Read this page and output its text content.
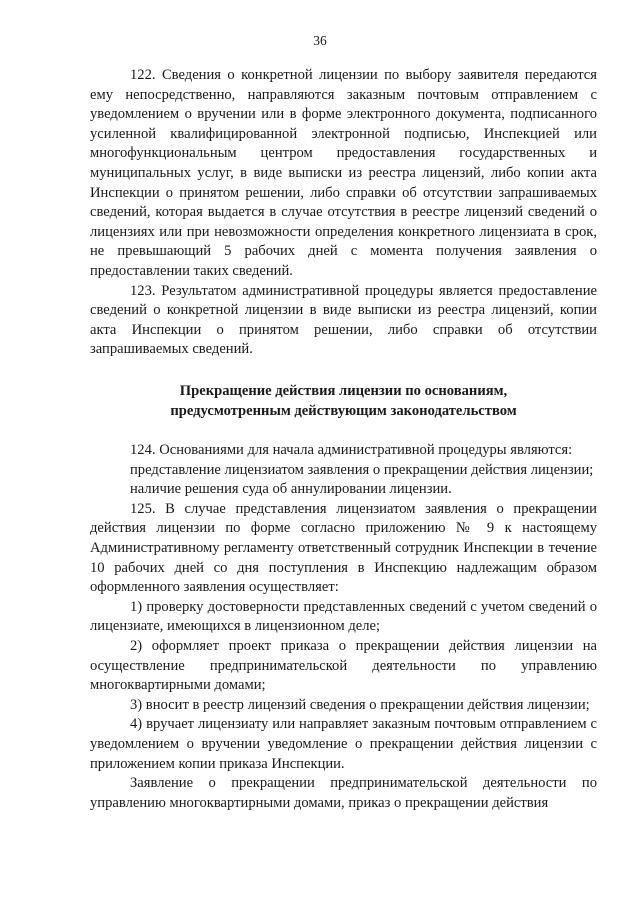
36

122. Сведения о конкретной лицензии по выбору заявителя передаются ему непосредственно, направляются заказным почтовым отправлением с уведомлением о вручении или в форме электронного документа, подписанного усиленной квалифицированной электронной подписью, Инспекцией или многофункциональным центром предоставления государственных и муниципальных услуг, в виде выписки из реестра лицензий, либо копии акта Инспекции о принятом решении, либо справки об отсутствии запрашиваемых сведений, которая выдается в случае отсутствия в реестре лицензий сведений о лицензиях или при невозможности определения конкретного лицензиата в срок, не превышающий 5 рабочих дней с момента получения заявления о предоставлении таких сведений.

123. Результатом административной процедуры является предоставление сведений о конкретной лицензии в виде выписки из реестра лицензий, копии акта Инспекции о принятом решении, либо справки об отсутствии запрашиваемых сведений.

Прекращение действия лицензии по основаниям,
предусмотренным действующим законодательством

124. Основаниями для начала административной процедуры являются:

представление лицензиатом заявления о прекращении действия лицензии;

наличие решения суда об аннулировании лицензии.

125. В случае представления лицензиатом заявления о прекращении действия лицензии по форме согласно приложению № 9 к настоящему Административному регламенту ответственный сотрудник Инспекции в течение 10 рабочих дней со дня поступления в Инспекцию надлежащим образом оформленного заявления осуществляет:

1) проверку достоверности представленных сведений с учетом сведений о лицензиате, имеющихся в лицензионном деле;

2) оформляет проект приказа о прекращении действия лицензии на осуществление предпринимательской деятельности по управлению многоквартирными домами;

3) вносит в реестр лицензий сведения о прекращении действия лицензии;

4) вручает лицензиату или направляет заказным почтовым отправлением с уведомлением о вручении уведомление о прекращении действия лицензии с приложением копии приказа Инспекции.

Заявление о прекращении предпринимательской деятельности по управлению многоквартирными домами, приказ о прекращении действия
